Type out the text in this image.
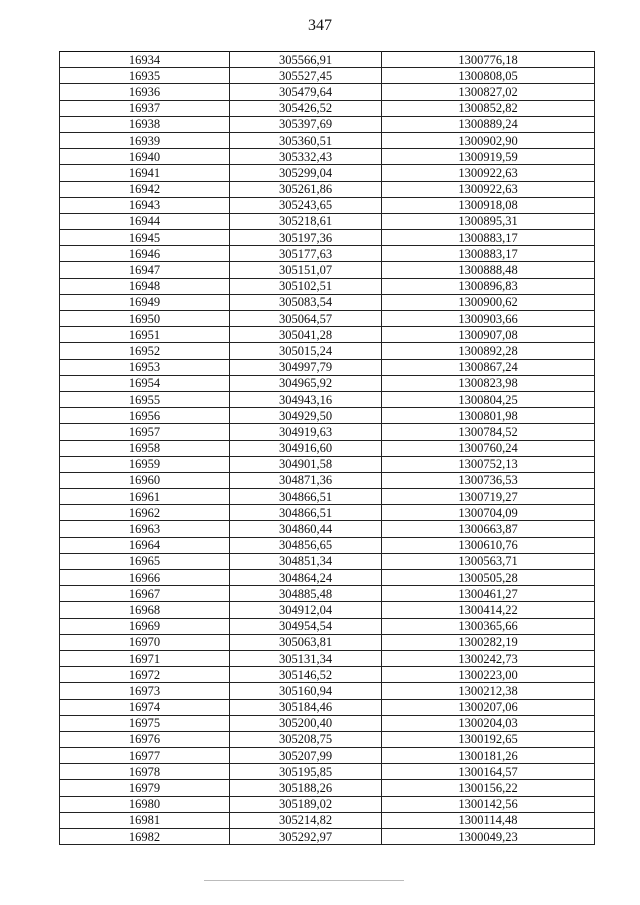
347
16934	305566,91	1300776,18
16935	305527,45	1300808,05
16936	305479,64	1300827,02
16937	305426,52	1300852,82
16938	305397,69	1300889,24
16939	305360,51	1300902,90
16940	305332,43	1300919,59
16941	305299,04	1300922,63
16942	305261,86	1300922,63
16943	305243,65	1300918,08
16944	305218,61	1300895,31
16945	305197,36	1300883,17
16946	305177,63	1300883,17
16947	305151,07	1300888,48
16948	305102,51	1300896,83
16949	305083,54	1300900,62
16950	305064,57	1300903,66
16951	305041,28	1300907,08
16952	305015,24	1300892,28
16953	304997,79	1300867,24
16954	304965,92	1300823,98
16955	304943,16	1300804,25
16956	304929,50	1300801,98
16957	304919,63	1300784,52
16958	304916,60	1300760,24
16959	304901,58	1300752,13
16960	304871,36	1300736,53
16961	304866,51	1300719,27
16962	304866,51	1300704,09
16963	304860,44	1300663,87
16964	304856,65	1300610,76
16965	304851,34	1300563,71
16966	304864,24	1300505,28
16967	304885,48	1300461,27
16968	304912,04	1300414,22
16969	304954,54	1300365,66
16970	305063,81	1300282,19
16971	305131,34	1300242,73
16972	305146,52	1300223,00
16973	305160,94	1300212,38
16974	305184,46	1300207,06
16975	305200,40	1300204,03
16976	305208,75	1300192,65
16977	305207,99	1300181,26
16978	305195,85	1300164,57
16979	305188,26	1300156,22
16980	305189,02	1300142,56
16981	305214,82	1300114,48
16982	305292,97	1300049,23
